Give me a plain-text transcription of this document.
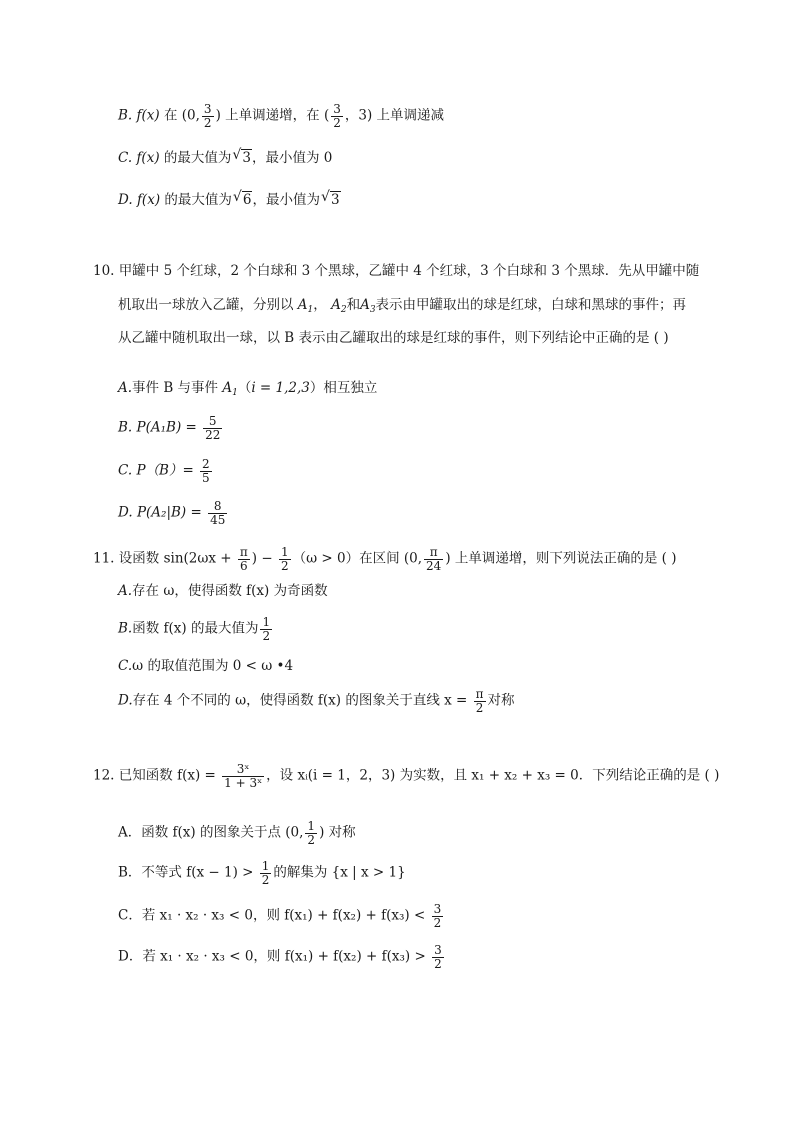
B. f(x) 在 (0, $\frac{3}{2}$ ) 上单调递增，在 ( $\frac{3}{2}$ ，3) 上单调递减
C. f(x) 的最大值为 √ 3，最小值为 0
D. f(x) 的最大值为 √ 6，最小值为 √ 3
10. 甲罐中 5 个红球，2 个白球和 3 个黑球，乙罐中 4 个红球，3 个白球和 3 个黑球．先从甲罐中随
机取出一球放入乙罐，分别以 $A_1$， $A_2$和$A_3$表示由甲罐取出的球是红球，白球和黑球的事件；再
从乙罐中随机取出一球，以 B 表示由乙罐取出的球是红球的事件，则下列结论中正确的是 ( )
A.事件 B 与事件 $A_1(i = 1,2,3)$相互独立
B. $P(A_1B) = \frac{5}{22}$
C. $P(B)= \frac{2}{5}$
D. $P(A_2|B) = \frac{8}{45}$
11. 设函数 $\sin(2\omega x + \frac{\pi}{6}$ ) − $\frac{1}{2} (\omega > 0)$在区间 (0, $\frac{\pi}{24}$ ) 上单调递增，则下列说法正确的是 ( )
A.存在 ω，使得函数 f(x) 为奇函数
B.函数 f(x) 的最大值为 $\frac{1}{2}$
C.ω 的取值范围为 0 < ω •4
D.存在 4 个不同的 ω，使得函数 f(x) 的图象关于直线 $x = \frac{\pi}{2}$ 对称
12. 已知函数 $f(x) = \frac{\text{3ˣ}}{\text{1 + 3ˣ}}$ ，设 xᵢ(i = 1，2，3) 为实数，且 x₁ + x₂ + x₃ = 0．下列结论正确的是 ( )
A．函数 f(x) 的图象关于点 (0, $\frac{1}{2}$ ) 对称
B．不等式 $f(x - 1) > \frac{1}{2}$ 的解集为 {x | x > 1}
C．若 x₁ · x₂ · x₃ < 0，则 $f(x_1) + f(x_2) + f(x_3) < \frac{3}{2}$
D．若 x₁ · x₂ · x₃ < 0，则 $f(x_1) + f(x_2) + f(x_3) > \frac{3}{2}$
